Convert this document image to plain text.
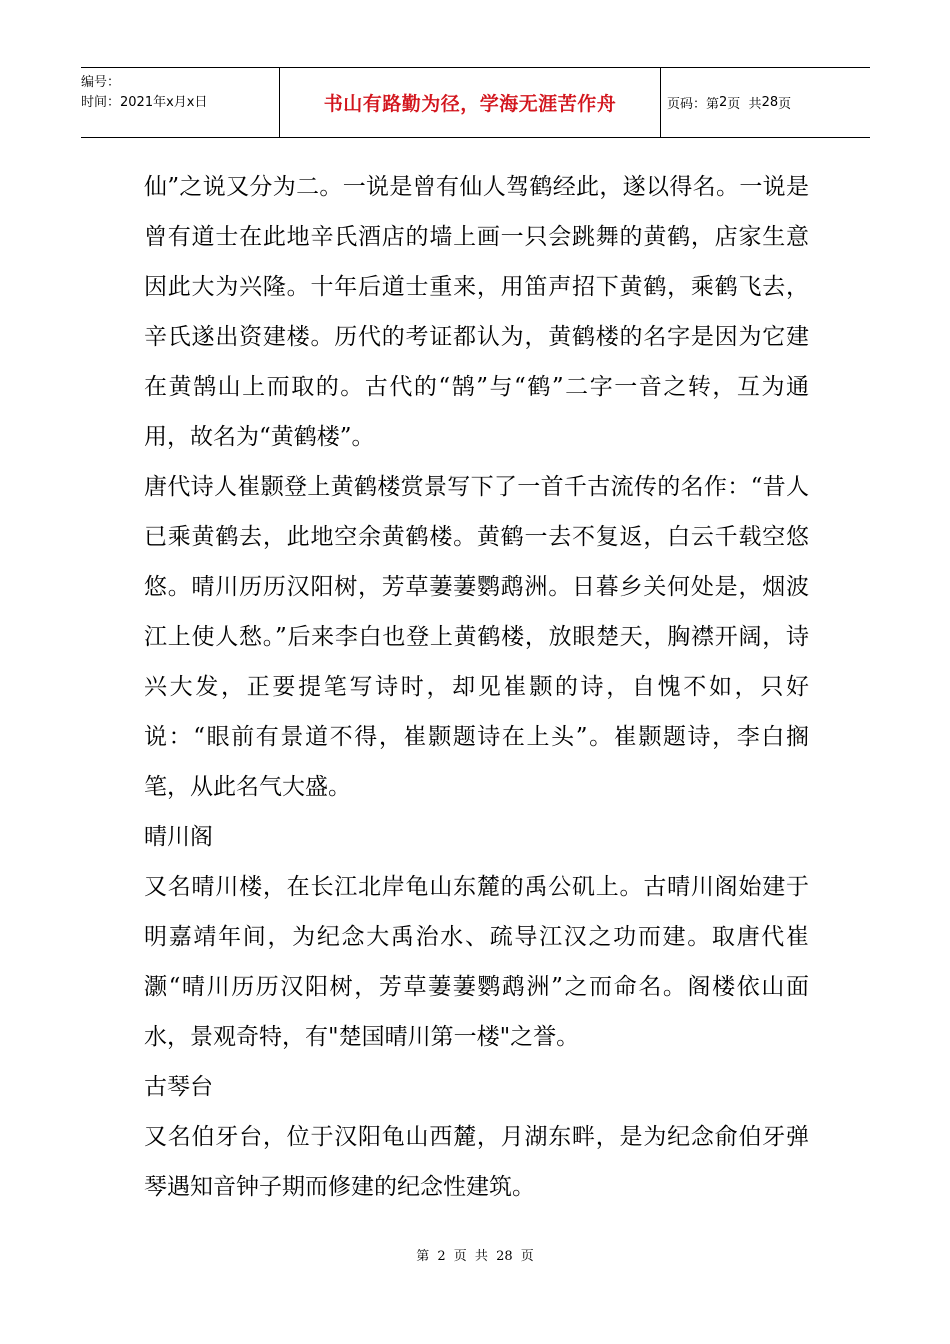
编号：
时间：2021年x月x日	书山有路勤为径，学海无涯苦作舟	页码：第 2 页  共 28 页

仙”之说又分为二。一说是曾有仙人驾鹤经此，遂以得名。一说是曾有道士在此地辛氏酒店的墙上画一只会跳舞的黄鹤，店家生意因此大为兴隆。十年后道士重来，用笛声招下黄鹤，乘鹤飞去，辛氏遂出资建楼。历代的考证都认为，黄鹤楼的名字是因为它建在黄鹄山上而取的。古代的“鹄”与“鹤”二字一音之转，互为通用，故名为“黄鹤楼”。

唐代诗人崔颢登上黄鹤楼赏景写下了一首千古流传的名作：“昔人已乘黄鹤去，此地空余黄鹤楼。黄鹤一去不复返，白云千载空悠悠。晴川历历汉阳树，芳草萋萋鹦鹉洲。日暮乡关何处是，烟波江上使人愁。”后来李白也登上黄鹤楼，放眼楚天，胸襟开阔，诗兴大发，正要提笔写诗时，却见崔颢的诗，自愧不如，只好说：“眼前有景道不得，崔颢题诗在上头”。崔颢题诗，李白搁笔，从此名气大盛。

晴川阁

又名晴川楼，在长江北岸龟山东麓的禹公矶上。古晴川阁始建于明嘉靖年间，为纪念大禹治水、疏导江汉之功而建。取唐代崔灏“晴川历历汉阳树，芳草萋萋鹦鹉洲”之而命名。阁楼依山面水，景观奇特，有"楚国晴川第一楼"之誉。

古琴台

又名伯牙台，位于汉阳龟山西麓，月湖东畔，是为纪念俞伯牙弹琴遇知音钟子期而修建的纪念性建筑。

第 2 页 共 28 页
